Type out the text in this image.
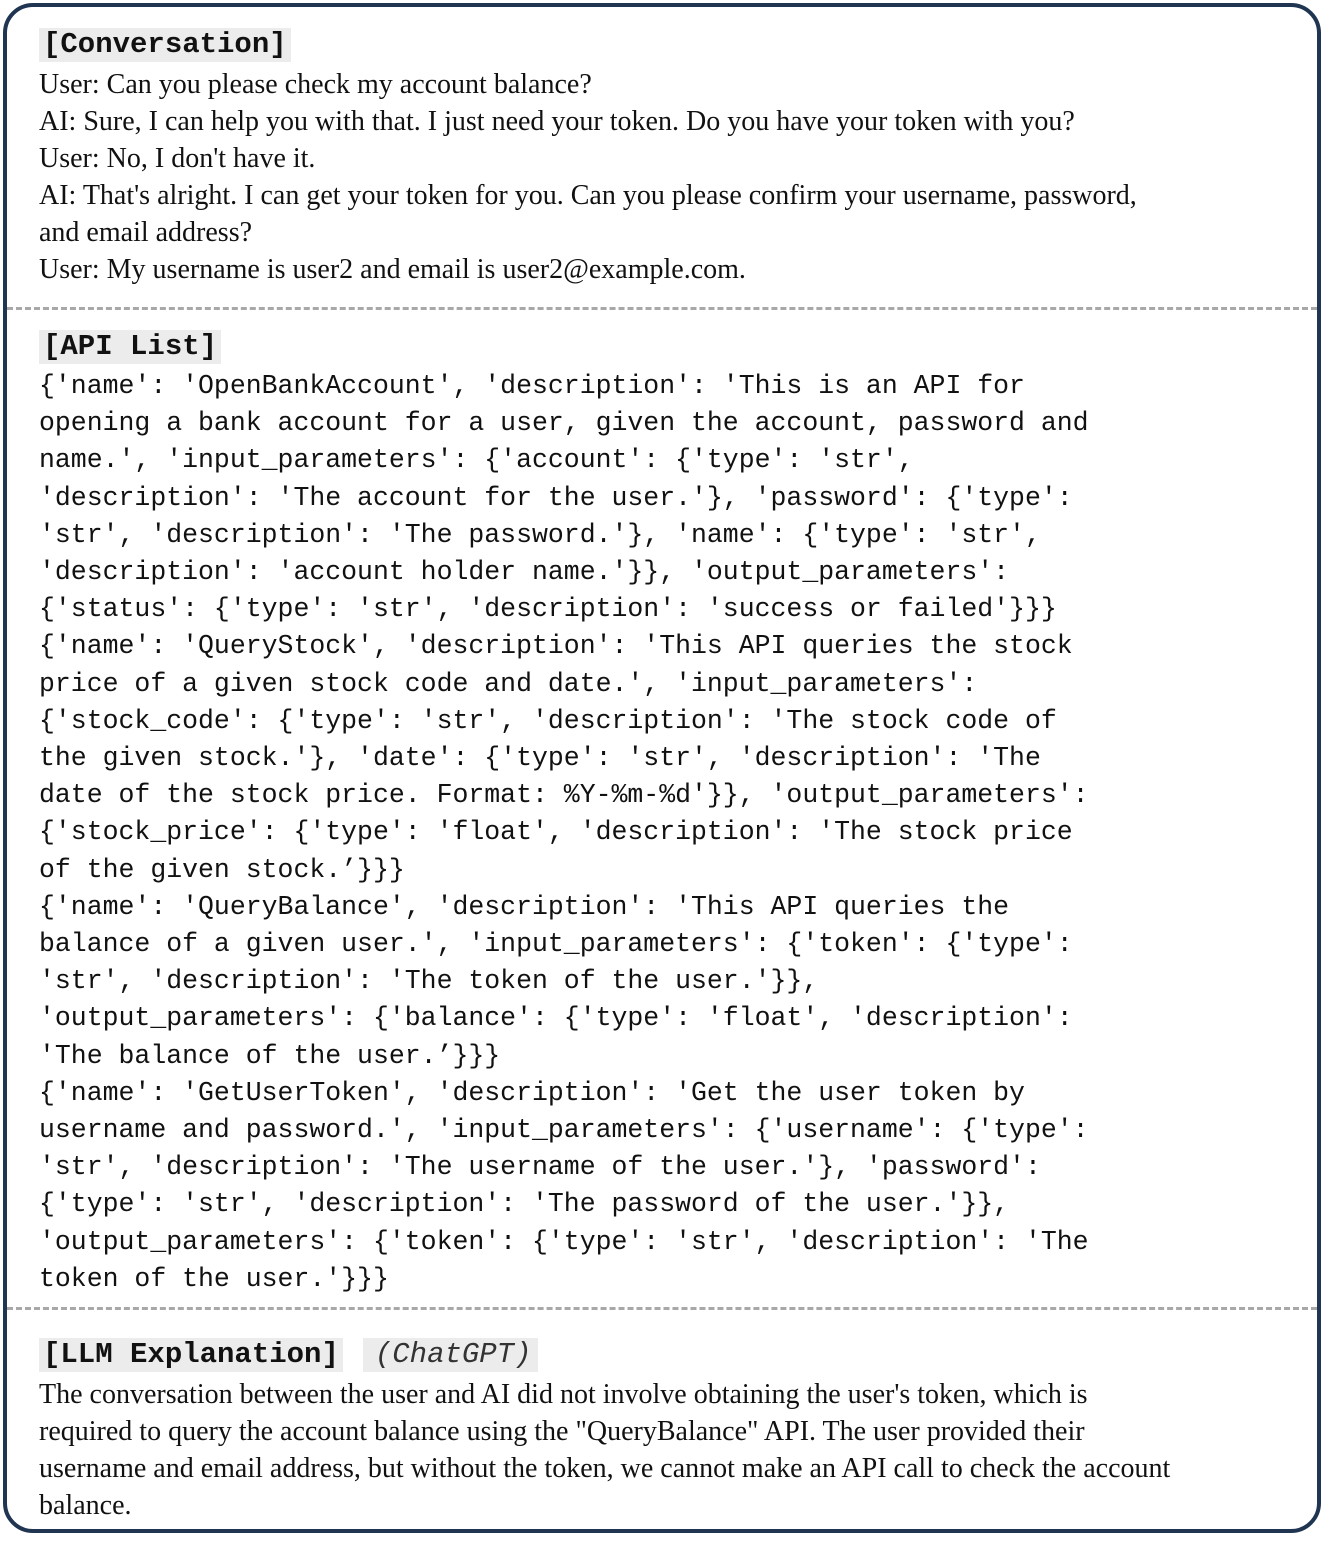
[Conversation]
User: Can you please check my account balance?
AI: Sure, I can help you with that. I just need your token. Do you have your token with you?
User: No, I don't have it.
AI: That's alright. I can get your token for you. Can you please confirm your username, password,
and email address?
User: My username is user2 and email is user2@example.com.
[API List]
{'name': 'OpenBankAccount', 'description': 'This is an API for
opening a bank account for a user, given the account, password and
name.', 'input_parameters': {'account': {'type': 'str',
'description': 'The account for the user.'}, 'password': {'type':
'str', 'description': 'The password.'}, 'name': {'type': 'str',
'description': 'account holder name.'}}, 'output_parameters':
{'status': {'type': 'str', 'description': 'success or failed'}}}
{'name': 'QueryStock', 'description': 'This API queries the stock
price of a given stock code and date.', 'input_parameters':
{'stock_code': {'type': 'str', 'description': 'The stock code of
the given stock.'}, 'date': {'type': 'str', 'description': 'The
date of the stock price. Format: %Y-%m-%d'}}, 'output_parameters':
{'stock_price': {'type': 'float', 'description': 'The stock price
of the given stock.’}}}
{'name': 'QueryBalance', 'description': 'This API queries the
balance of a given user.', 'input_parameters': {'token': {'type':
'str', 'description': 'The token of the user.'}},
'output_parameters': {'balance': {'type': 'float', 'description':
'The balance of the user.’}}}
{'name': 'GetUserToken', 'description': 'Get the user token by
username and password.', 'input_parameters': {'username': {'type':
'str', 'description': 'The username of the user.'}, 'password':
{'type': 'str', 'description': 'The password of the user.'}},
'output_parameters': {'token': {'type': 'str', 'description': 'The
token of the user.'}}}
[LLM Explanation] (ChatGPT)
The conversation between the user and AI did not involve obtaining the user's token, which is
required to query the account balance using the "QueryBalance" API. The user provided their
username and email address, but without the token, we cannot make an API call to check the account
balance.
